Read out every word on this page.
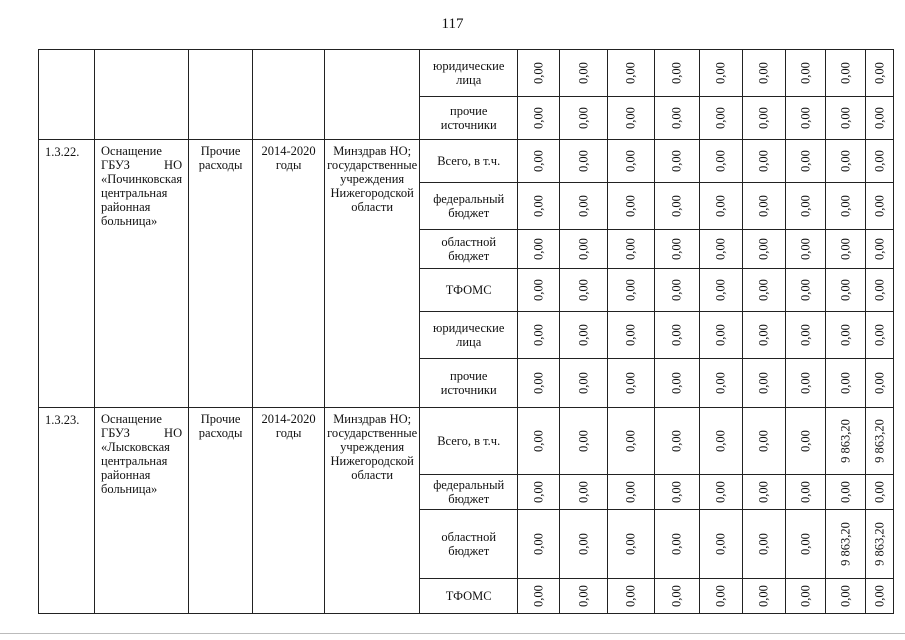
117
					юридические лица	0,00	0,00	0,00	0,00	0,00	0,00	0,00	0,00	0,00

					прочие источники	0,00	0,00	0,00	0,00	0,00	0,00	0,00	0,00	0,00

1.3.22.	Оснащение ГБУЗ НО «Починковская центральная районная больница»	Прочие расходы	2014-2020 годы	Минздрав НО; государственные учреждения Нижегородской области	Всего, в т.ч.	0,00	0,00	0,00	0,00	0,00	0,00	0,00	0,00	0,00

					федеральный бюджет	0,00	0,00	0,00	0,00	0,00	0,00	0,00	0,00	0,00

					областной бюджет	0,00	0,00	0,00	0,00	0,00	0,00	0,00	0,00	0,00

					ТФОМС	0,00	0,00	0,00	0,00	0,00	0,00	0,00	0,00	0,00

					юридические лица	0,00	0,00	0,00	0,00	0,00	0,00	0,00	0,00	0,00

					прочие источники	0,00	0,00	0,00	0,00	0,00	0,00	0,00	0,00	0,00

1.3.23.	Оснащение ГБУЗ НО «Лысковская центральная районная больница»	Прочие расходы	2014-2020 годы	Минздрав НО; государственные учреждения Нижегородской области	Всего, в т.ч.	0,00	0,00	0,00	0,00	0,00	0,00	0,00	9 863,20	9 863,20

					федеральный бюджет	0,00	0,00	0,00	0,00	0,00	0,00	0,00	0,00	0,00

					областной бюджет	0,00	0,00	0,00	0,00	0,00	0,00	0,00	9 863,20	9 863,20

					ТФОМС	0,00	0,00	0,00	0,00	0,00	0,00	0,00	0,00	0,00
